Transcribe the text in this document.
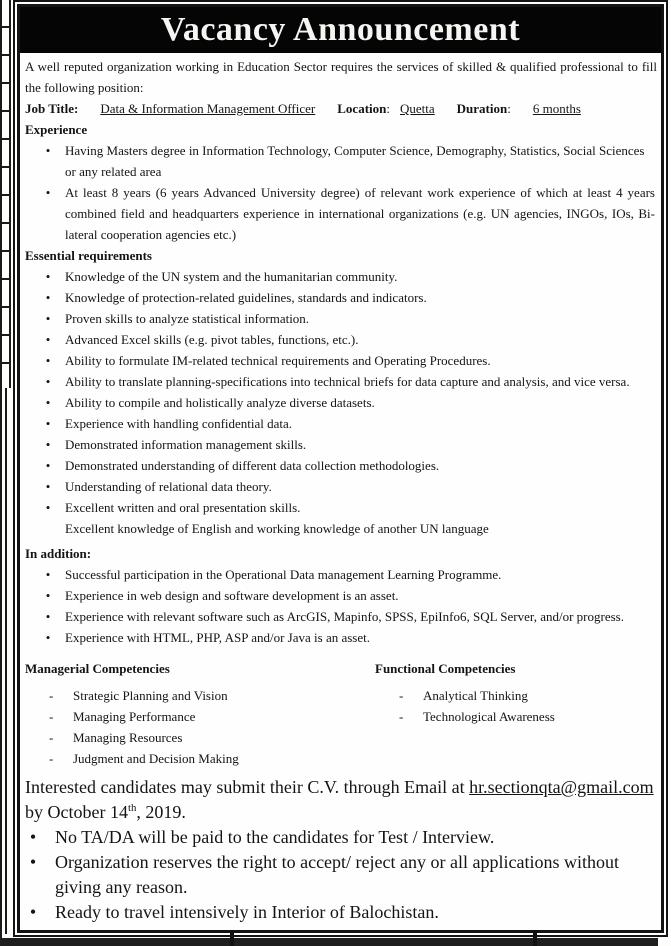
Vacancy Announcement
A well reputed organization working in Education Sector requires the services of skilled & qualified professional to fill the following position:
Job Title: Data & Information Management Officer Location: Quetta Duration: 6 months
Experience
•	Having Masters degree in Information Technology, Computer Science, Demography, Statistics, Social Sciences or any related area
•	At least 8 years (6 years Advanced University degree) of relevant work experience of which at least 4 years combined field and headquarters experience in international organizations (e.g. UN agencies, INGOs, IOs, Bi-lateral cooperation agencies etc.)
Essential requirements
•	Knowledge of the UN system and the humanitarian community.
•	Knowledge of protection-related guidelines, standards and indicators.
•	Proven skills to analyze statistical information.
•	Advanced Excel skills (e.g. pivot tables, functions, etc.).
•	Ability to formulate IM-related technical requirements and Operating Procedures.
•	Ability to translate planning-specifications into technical briefs for data capture and analysis, and vice versa.
•	Ability to compile and holistically analyze diverse datasets.
•	Experience with handling confidential data.
•	Demonstrated information management skills.
•	Demonstrated understanding of different data collection methodologies.
•	Understanding of relational data theory.
•	Excellent written and oral presentation skills.
Excellent knowledge of English and working knowledge of another UN language
In addition:
•	Successful participation in the Operational Data management Learning Programme.
•	Experience in web design and software development is an asset.
•	Experience with relevant software such as ArcGIS, Mapinfo, SPSS, EpiInfo6, SQL Server, and/or progress.
•	Experience with HTML, PHP, ASP and/or Java is an asset.
Managerial Competencies
-	Strategic Planning and Vision
-	Managing Performance
-	Managing Resources
-	Judgment and Decision Making
Functional Competencies
-	Analytical Thinking
-	Technological Awareness
Interested candidates may submit their C.V. through Email at hr.sectionqta@gmail.com
by October 14th, 2019.
•	No TA/DA will be paid to the candidates for Test / Interview.
•	Organization reserves the right to accept/ reject any or all applications without giving any reason.
•	Ready to travel intensively in Interior of Balochistan.
